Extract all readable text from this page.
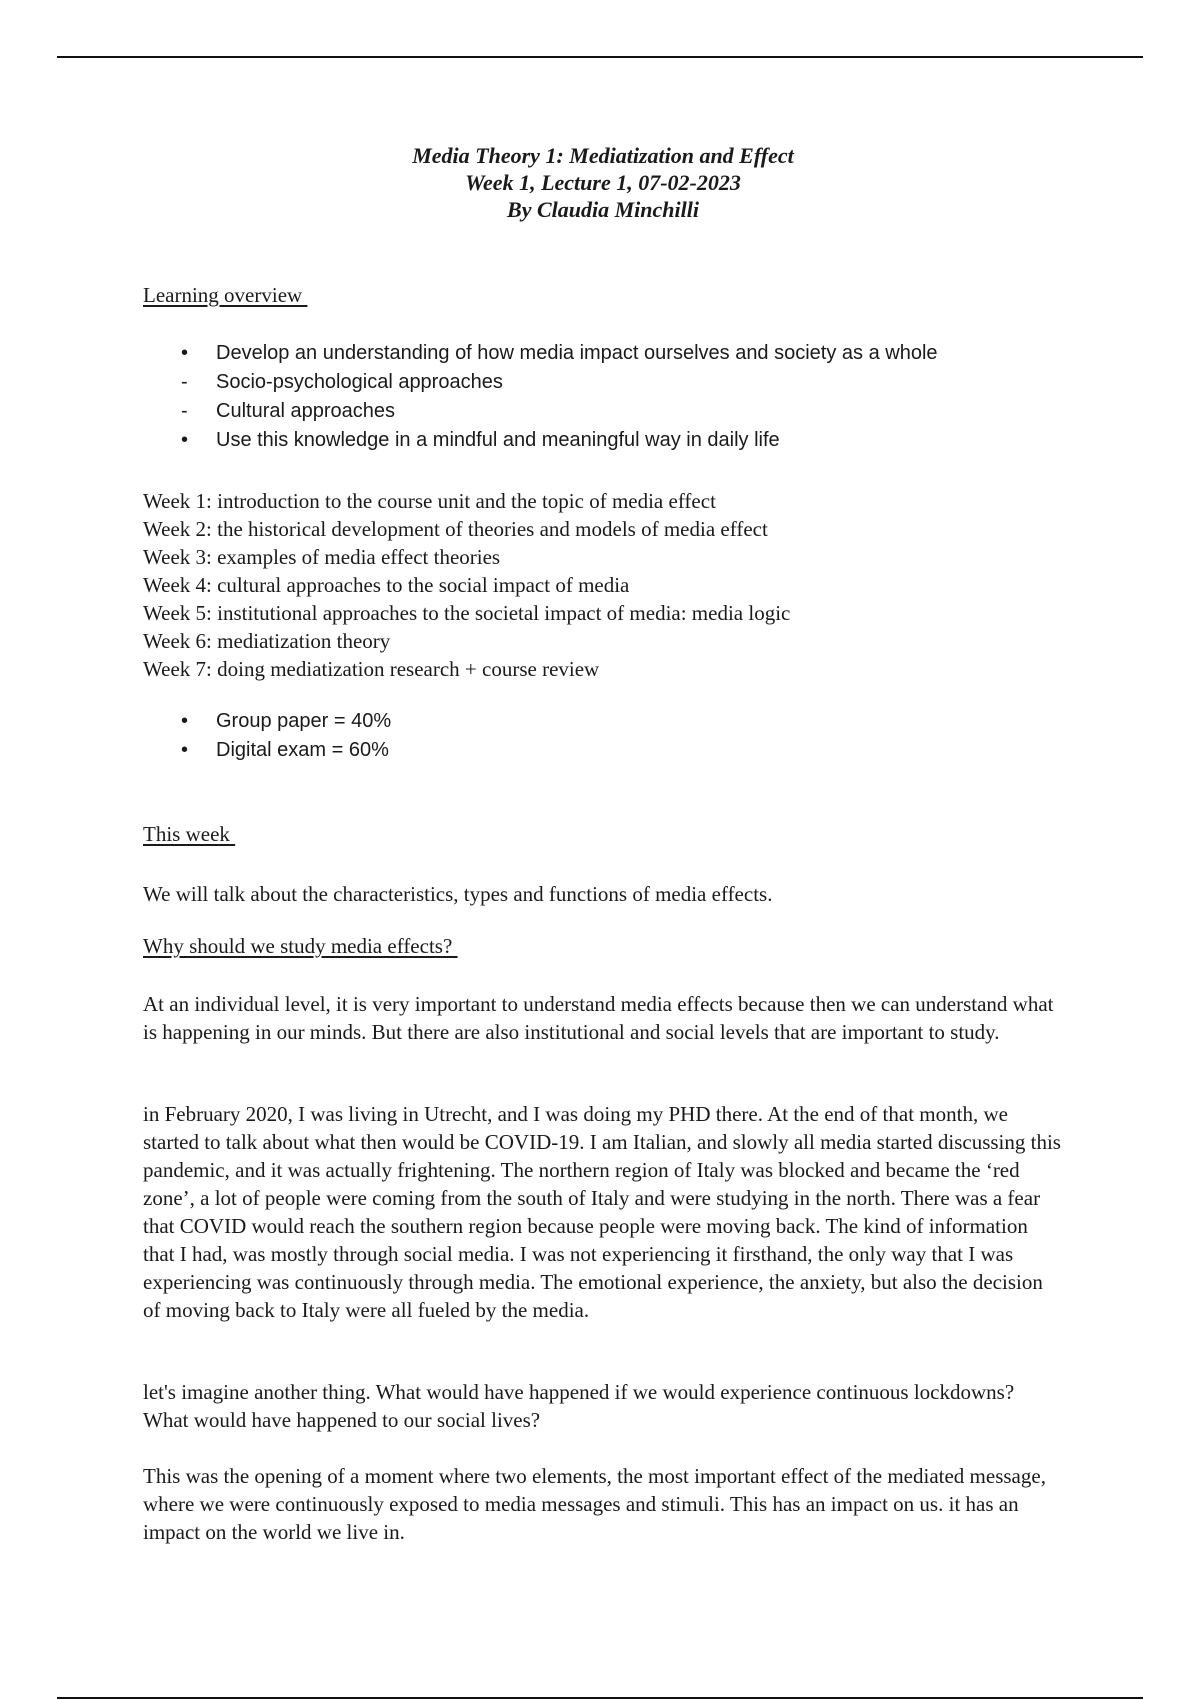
Media Theory 1: Mediatization and Effect
Week 1, Lecture 1, 07-02-2023
By Claudia Minchilli
Learning overview
•	Develop an understanding of how media impact ourselves and society as a whole
-	Socio-psychological approaches
-	Cultural approaches
•	Use this knowledge in a mindful and meaningful way in daily life
Week 1: introduction to the course unit and the topic of media effect
Week 2: the historical development of theories and models of media effect
Week 3: examples of media effect theories
Week 4: cultural approaches to the social impact of media
Week 5: institutional approaches to the societal impact of media: media logic
Week 6: mediatization theory
Week 7: doing mediatization research + course review
•	Group paper = 40%
•	Digital exam = 60%
This week

We will talk about the characteristics, types and functions of media effects.

Why should we study media effects?

At an individual level, it is very important to understand media effects because then we can understand what is happening in our minds. But there are also institutional and social levels that are important to study.

in February 2020, I was living in Utrecht, and I was doing my PHD there. At the end of that month, we started to talk about what then would be COVID-19. I am Italian, and slowly all media started discussing this pandemic, and it was actually frightening. The northern region of Italy was blocked and became the ‘red zone’, a lot of people were coming from the south of Italy and were studying in the north. There was a fear that COVID would reach the southern region because people were moving back. The kind of information that I had, was mostly through social media. I was not experiencing it firsthand, the only way that I was experiencing was continuously through media. The emotional experience, the anxiety, but also the decision of moving back to Italy were all fueled by the media.

let's imagine another thing. What would have happened if we would experience continuous lockdowns? What would have happened to our social lives?

This was the opening of a moment where two elements, the most important effect of the mediated message, where we were continuously exposed to media messages and stimuli. This has an impact on us. it has an impact on the world we live in.
